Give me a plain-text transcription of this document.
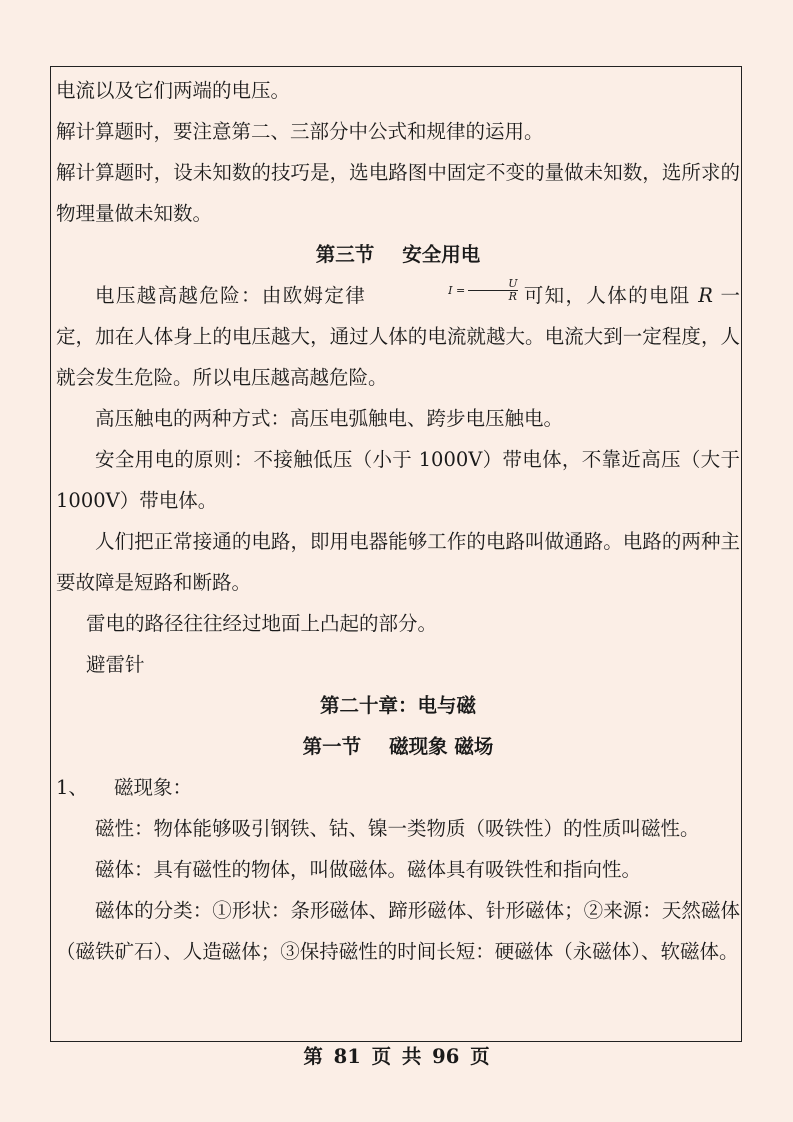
电流以及它们两端的电压。

解计算题时，要注意第二、三部分中公式和规律的运用。

解计算题时，设未知数的技巧是，选电路图中固定不变的量做未知数，选所求的物理量做未知数。

第三节 安全用电

电压越高越危险：由欧姆定律	$I = \frac{U}{R}$ 可知，人体的电阻 R 一定，加在人体身上的电压越大，通过人体的电流就越大。电流大到一定程度，人就会发生危险。所以电压越高越危险。

高压触电的两种方式：高压电弧触电、跨步电压触电。

安全用电的原则：不接触低压（小于 1000V）带电体，不靠近高压（大于 1000V）带电体。

人们把正常接通的电路，即用电器能够工作的电路叫做通路。电路的两种主要故障是短路和断路。

雷电的路径往往经过地面上凸起的部分。

避雷针

第二十章：电与磁

第一节 磁现象 磁场

1、 磁现象：

磁性：物体能够吸引钢铁、钴、镍一类物质（吸铁性）的性质叫磁性。

磁体：具有磁性的物体，叫做磁体。磁体具有吸铁性和指向性。

磁体的分类：①形状：条形磁体、蹄形磁体、针形磁体；②来源：天然磁体（磁铁矿石）、人造磁体；③保持磁性的时间长短：硬磁体（永磁体）、软磁体。

第 81 页 共 96 页
